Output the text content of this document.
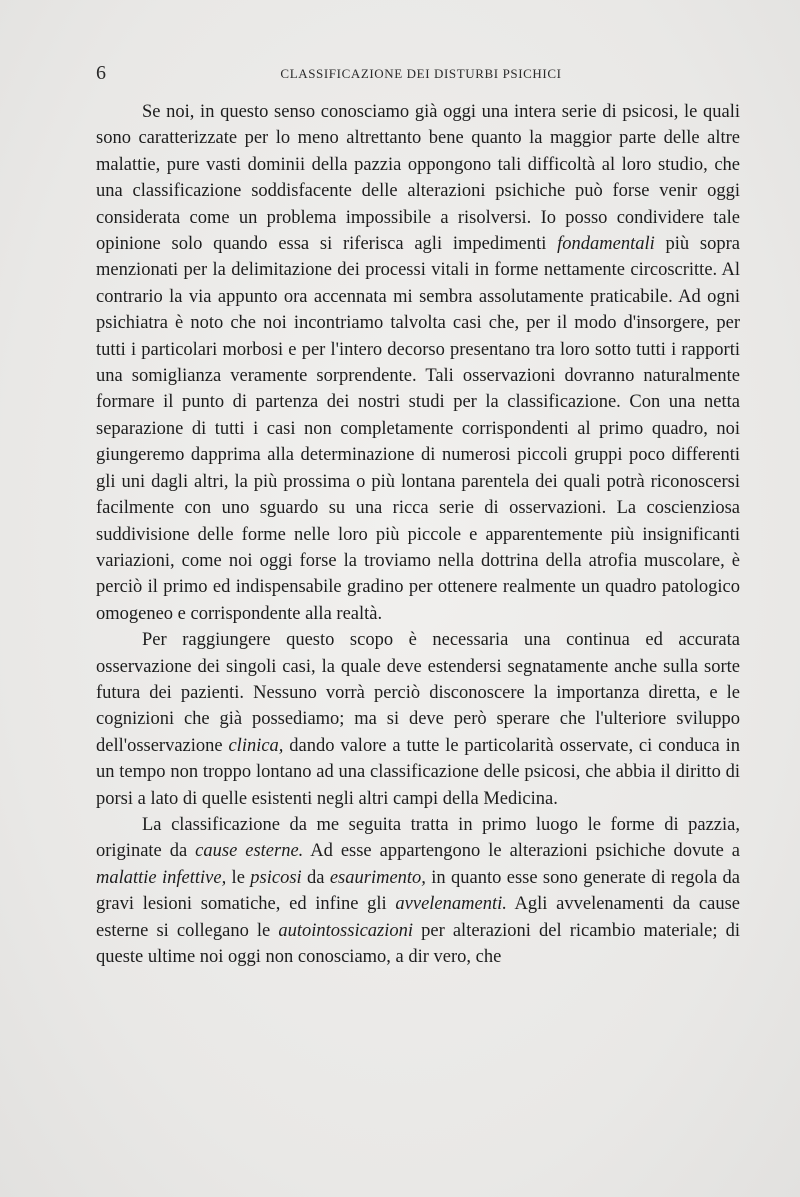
6	CLASSIFICAZIONE DEI DISTURBI PSICHICI

Se noi, in questo senso conosciamo già oggi una intera serie di psicosi, le quali sono caratterizzate per lo meno altrettanto bene quanto la maggior parte delle altre malattie, pure vasti dominii della pazzia oppongono tali difficoltà al loro studio, che una classificazione soddisfacente delle alterazioni psichiche può forse venir oggi considerata come un problema impossibile a risolversi. Io posso condividere tale opinione solo quando essa si riferisca agli impedimenti fondamentali più sopra menzionati per la delimitazione dei processi vitali in forme nettamente circoscritte. Al contrario la via appunto ora accennata mi sembra assolutamente praticabile. Ad ogni psichiatra è noto che noi incontriamo talvolta casi che, per il modo d'insorgere, per tutti i particolari morbosi e per l'intero decorso presentano tra loro sotto tutti i rapporti una somiglianza veramente sorprendente. Tali osservazioni dovranno naturalmente formare il punto di partenza dei nostri studi per la classificazione. Con una netta separazione di tutti i casi non completamente corrispondenti al primo quadro, noi giungeremo dapprima alla determinazione di numerosi piccoli gruppi poco differenti gli uni dagli altri, la più prossima o più lontana parentela dei quali potrà riconoscersi facilmente con uno sguardo su una ricca serie di osservazioni. La coscienziosa suddivisione delle forme nelle loro più piccole e apparentemente più insignificanti variazioni, come noi oggi forse la troviamo nella dottrina della atrofia muscolare, è perciò il primo ed indispensabile gradino per ottenere realmente un quadro patologico omogeneo e corrispondente alla realtà.

Per raggiungere questo scopo è necessaria una continua ed accurata osservazione dei singoli casi, la quale deve estendersi segnatamente anche sulla sorte futura dei pazienti. Nessuno vorrà perciò disconoscere la importanza diretta, e le cognizioni che già possediamo; ma si deve però sperare che l'ulteriore sviluppo dell'osservazione clinica, dando valore a tutte le particolarità osservate, ci conduca in un tempo non troppo lontano ad una classificazione delle psicosi, che abbia il diritto di porsi a lato di quelle esistenti negli altri campi della Medicina.

La classificazione da me seguita tratta in primo luogo le forme di pazzia, originate da cause esterne. Ad esse appartengono le alterazioni psichiche dovute a malattie infettive, le psicosi da esaurimento, in quanto esse sono generate di regola da gravi lesioni somatiche, ed infine gli avvelenamenti. Agli avvelenamenti da cause esterne si collegano le autointossicazioni per alterazioni del ricambio materiale; di queste ultime noi oggi non conosciamo, a dir vero, che
